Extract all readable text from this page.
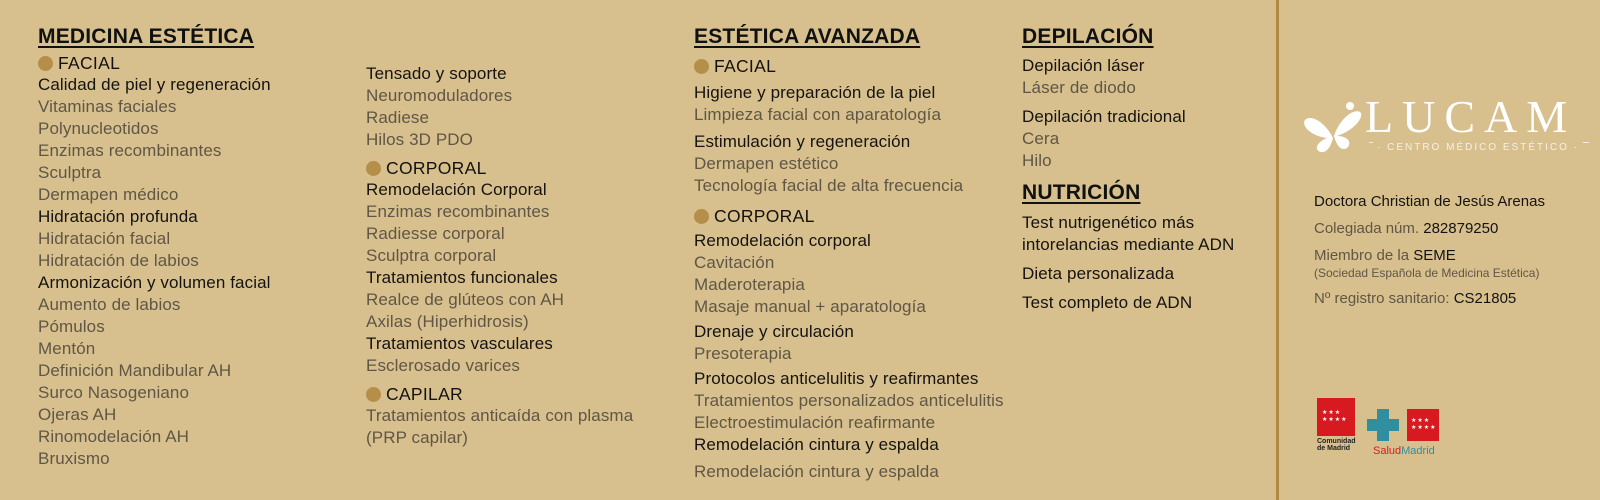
MEDICINA ESTÉTICA
FACIAL
Calidad de piel y regeneración
Vitaminas faciales
Polynucleotidos
Enzimas recombinantes
Sculptra
Dermapen médico
Hidratación profunda
Hidratación facial
Hidratación de labios
Armonización y volumen facial
Aumento de labios
Pómulos
Mentón
Definición Mandibular AH
Surco Nasogeniano
Ojeras AH
Rinomodelación AH
Bruxismo
Tensado y soporte
Neuromoduladores
Radiese
Hilos 3D PDO
CORPORAL
Remodelación Corporal
Enzimas recombinantes
Radiesse corporal
Sculptra corporal
Tratamientos funcionales
Realce de glúteos con AH
Axilas (Hiperhidrosis)
Tratamientos vasculares
Esclerosado varices
CAPILAR
Tratamientos anticaída con plasma
(PRP capilar)
ESTÉTICA AVANZADA
FACIAL
Higiene y preparación de la piel
Limpieza facial con aparatología
Estimulación y regeneración
Dermapen estético
Tecnología facial de alta frecuencia
CORPORAL
Remodelación corporal
Cavitación
Maderoterapia
Masaje manual + aparatología
Drenaje y circulación
Presoterapia
Protocolos anticelulitis y reafirmantes
Tratamientos personalizados anticelulitis
Electroestimulación reafirmante
Remodelación cintura y espalda
Remodelación cintura y espalda
DEPILACIÓN
Depilación láser
Láser de diodo
Depilación tradicional
Cera
Hilo
NUTRICIÓN
Test nutrigenético más
intorelancias mediante ADN
Dieta personalizada
Test completo de ADN
LUCAM
· CENTRO MÉDICO ESTÉTICO ·
Doctora Christian de Jesús Arenas
Colegiada núm. 282879250
Miembro de la SEME
(Sociedad Española de Medicina Estética)
Nº registro sanitario: CS21805
★★★
★★★★
Comunidad
de Madrid
★★★
★★★★
SaludMadrid
